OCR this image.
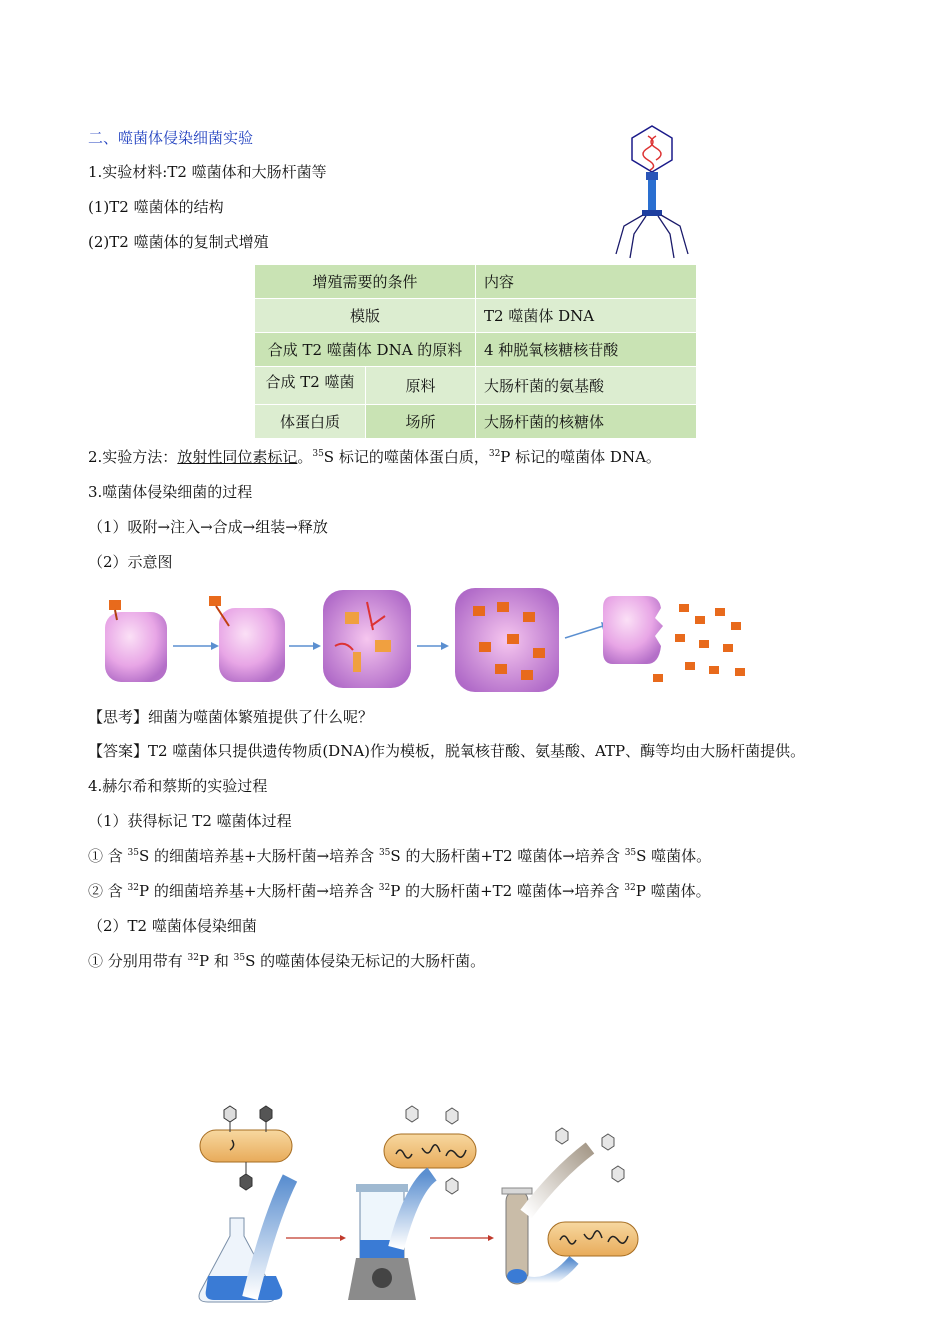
二、噬菌体侵染细菌实验
1.实验材料:T2 噬菌体和大肠杆菌等
(1)T2 噬菌体的结构
(2)T2 噬菌体的复制式增殖
增殖需要的条件		内容
模版		T2 噬菌体 DNA
合成 T2 噬菌体 DNA 的原料		4 种脱氧核糖核苷酸
合成 T2 噬菌	原料	大肠杆菌的氨基酸
体蛋白质	场所	大肠杆菌的核糖体
2.实验方法：放射性同位素标记。$^{35}$S 标记的噬菌体蛋白质，$^{32}$P 标记的噬菌体 DNA。
3.噬菌体侵染细菌的过程
（1）吸附→注入→合成→组装→释放
（2）示意图
【思考】细菌为噬菌体繁殖提供了什么呢？
【答案】T2 噬菌体只提供遗传物质(DNA)作为模板，脱氧核苷酸、氨基酸、ATP、酶等均由大肠杆菌提供。
4.赫尔希和蔡斯的实验过程
（1）获得标记 T2 噬菌体过程
① 含 $^{35}$S 的细菌培养基+大肠杆菌→培养含 $^{35}$S 的大肠杆菌+T2 噬菌体→培养含 $^{35}$S 噬菌体。
② 含 $^{32}$P 的细菌培养基+大肠杆菌→培养含 $^{32}$P 的大肠杆菌+T2 噬菌体→培养含 $^{32}$P 噬菌体。
（2）T2 噬菌体侵染细菌
① 分别用带有 $^{32}$P 和 $^{35}$S 的噬菌体侵染无标记的大肠杆菌。
